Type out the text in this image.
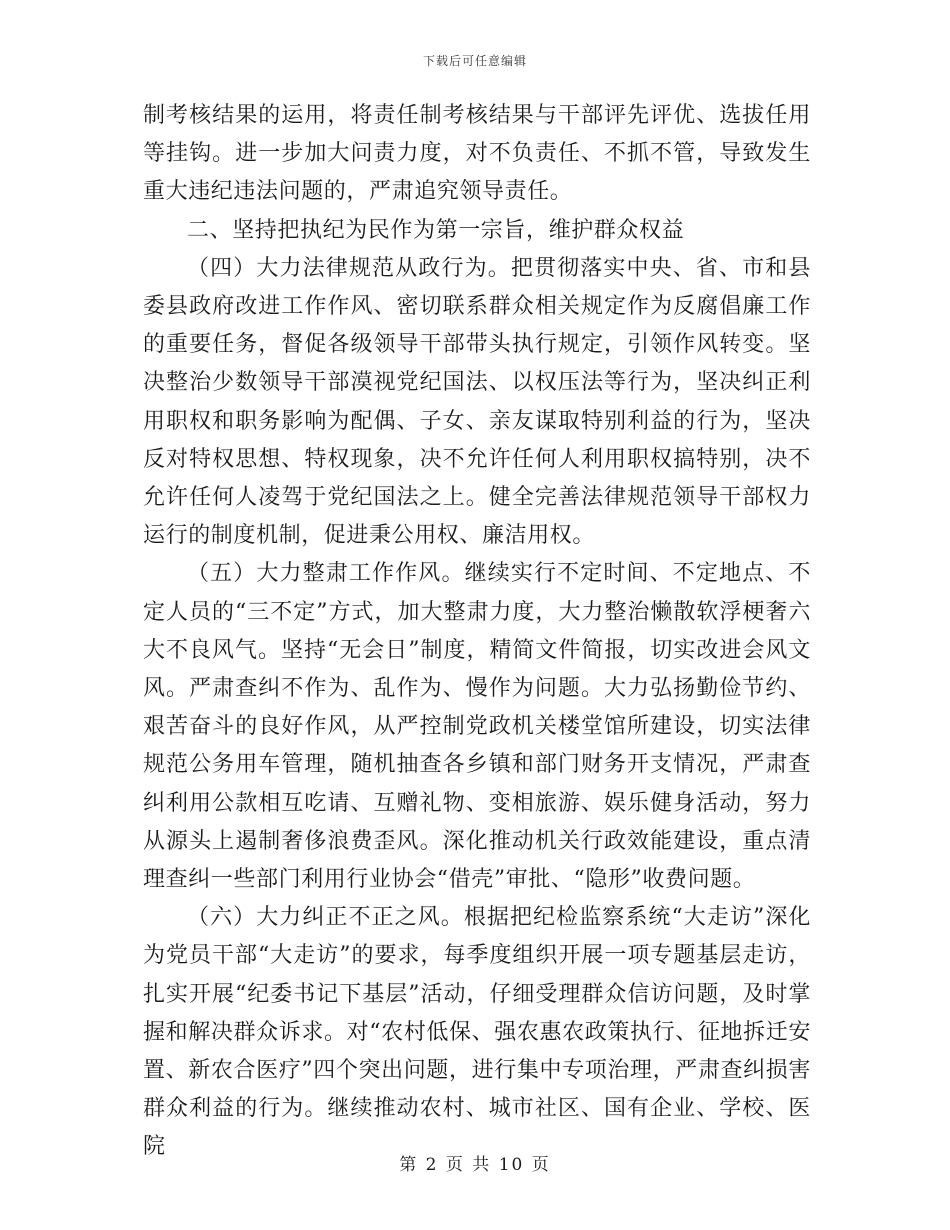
下载后可任意编辑

制考核结果的运用，将责任制考核结果与干部评先评优、选拔任用等挂钩。进一步加大问责力度，对不负责任、不抓不管，导致发生重大违纪违法问题的，严肃追究领导责任。

二、坚持把执纪为民作为第一宗旨，维护群众权益

（四）大力法律规范从政行为。把贯彻落实中央、省、市和县委县政府改进工作作风、密切联系群众相关规定作为反腐倡廉工作的重要任务，督促各级领导干部带头执行规定，引领作风转变。坚决整治少数领导干部漠视党纪国法、以权压法等行为，坚决纠正利用职权和职务影响为配偶、子女、亲友谋取特别利益的行为，坚决反对特权思想、特权现象，决不允许任何人利用职权搞特别，决不允许任何人凌驾于党纪国法之上。健全完善法律规范领导干部权力运行的制度机制，促进秉公用权、廉洁用权。

（五）大力整肃工作作风。继续实行不定时间、不定地点、不定人员的“三不定”方式，加大整肃力度，大力整治懒散软浮梗奢六大不良风气。坚持“无会日”制度，精简文件简报，切实改进会风文风。严肃查纠不作为、乱作为、慢作为问题。大力弘扬勤俭节约、艰苦奋斗的良好作风，从严控制党政机关楼堂馆所建设，切实法律规范公务用车管理，随机抽查各乡镇和部门财务开支情况，严肃查纠利用公款相互吃请、互赠礼物、变相旅游、娱乐健身活动，努力从源头上遏制奢侈浪费歪风。深化推动机关行政效能建设，重点清理查纠一些部门利用行业协会“借壳”审批、“隐形”收费问题。

（六）大力纠正不正之风。根据把纪检监察系统“大走访”深化为党员干部“大走访”的要求，每季度组织开展一项专题基层走访，扎实开展“纪委书记下基层”活动，仔细受理群众信访问题，及时掌握和解决群众诉求。对“农村低保、强农惠农政策执行、征地拆迁安置、新农合医疗”四个突出问题，进行集中专项治理，严肃查纠损害群众利益的行为。继续推动农村、城市社区、国有企业、学校、医院

第 2 页 共 10 页
